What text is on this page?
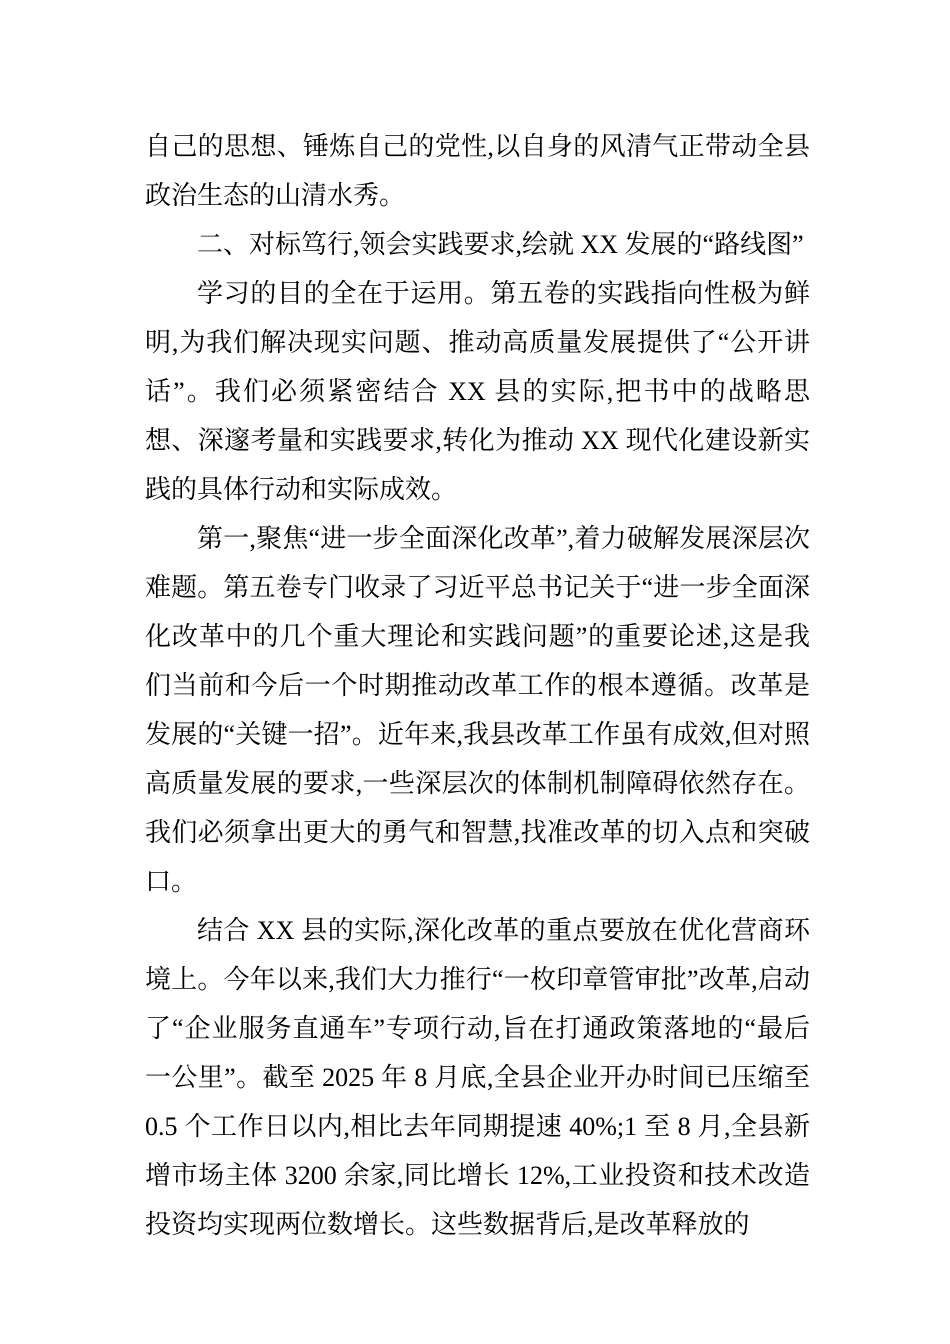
自己的思想、锤炼自己的党性,以自身的风清气正带动全县政治生态的山清水秀。

二、对标笃行,领会实践要求,绘就 XX 发展的“路线图”

学习的目的全在于运用。第五卷的实践指向性极为鲜明,为我们解决现实问题、推动高质量发展提供了“公开讲话”。我们必须紧密结合 XX 县的实际,把书中的战略思想、深邃考量和实践要求,转化为推动 XX 现代化建设新实践的具体行动和实际成效。

第一,聚焦“进一步全面深化改革”,着力破解发展深层次难题。第五卷专门收录了习近平总书记关于“进一步全面深化改革中的几个重大理论和实践问题”的重要论述,这是我们当前和今后一个时期推动改革工作的根本遵循。改革是发展的“关键一招”。近年来,我县改革工作虽有成效,但对照高质量发展的要求,一些深层次的体制机制障碍依然存在。我们必须拿出更大的勇气和智慧,找准改革的切入点和突破口。

结合 XX 县的实际,深化改革的重点要放在优化营商环境上。今年以来,我们大力推行“一枚印章管审批”改革,启动了“企业服务直通车”专项行动,旨在打通政策落地的“最后一公里”。截至 2025 年 8 月底,全县企业开办时间已压缩至 0.5 个工作日以内,相比去年同期提速 40%;1 至 8 月,全县新增市场主体 3200 余家,同比增长 12%,工业投资和技术改造投资均实现两位数增长。这些数据背后,是改革释放的
